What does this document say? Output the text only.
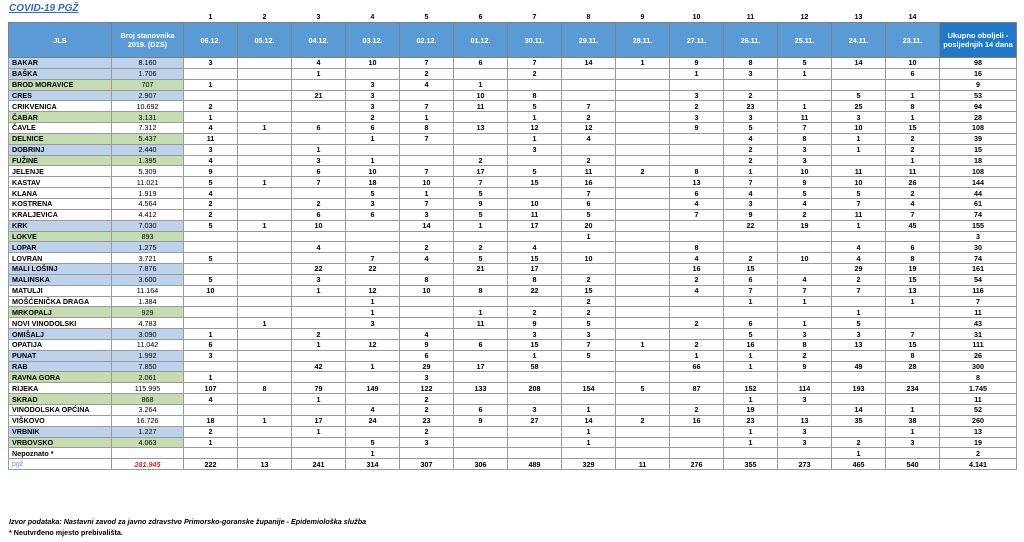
COVID-19 PGŽ
		1	2	3	4	5	6	7	8	9	10	11	12	13	14	
JLS	Broj stanovnika 2019. (DZS)	06.12.	05.12.	04.12.	03.12.	02.12.	01.12.	30.11.	29.11.	28.11.	27.11.	26.11.	25.11.	24.11.	23.11.	Ukupno oboljeli - posljednjih 14 dana
BAKAR	8.160	3		4	10	7	6	7	14	1	9	8	5	14	10	98
BAŠKA	1.706			1		2		2			1	3	1		6	16
BROD MORAVICE	707	1			3	4	1									9
CRES	2.907			21	3		10	8			3	2		5	1	53
CRIKVENICA	10.692	2			3	7	11	5	7		2	23	1	25	8	94
ČABAR	3.131	1			2	1		1	2		3	3	11	3	1	28
ČAVLE	7.312	4	1	6	6	8	13	12	12		9	5	7	10	15	108
DELNICE	5.437	11			1	7		1	4			4	8	1	2	39
DOBRINJ	2.440	3		1				3				2	3	1	2	15
FUŽINE	1.395	4		3	1		2		2			2	3		1	18
JELENJE	5.309	9		6	10	7	17	5	11	2	8	1	10	11	11	108
KASTAV	11.021	5	1	7	18	10	7	15	16		13	7	9	10	26	144
KLANA	1.919	4			5	1	5		7		6	4	5	5	2	44
KOSTRENA	4.564	2		2	3	7	9	10	6		4	3	4	7	4	61
KRALJEVICA	4.412	2		6	6	3	5	11	5		7	9	2	11	7	74
KRK	7.030	5	1	10		14	1	17	20			22	19	1	45	155
LOKVE	893								1							3
LOPAR	1.275			4		2	2	4			8			4	6	30
LOVRAN	3.721	5			7	4	5	15	10		4	2	10	4	8	74
MALI LOŠINJ	7.876			22	22		21	17			16	15		29	19	161
MALINSKA	3.600	5		3		8		8	2		2	6	4	2	15	54
MATULJI	11.164	10		1	12	10	8	22	15		4	7	7	7	13	116
MOŠĆENIČKA DRAGA	1.384				1				2			1	1		1	7
MRKOPALJ	929				1		1	2	2					1		11
NOVI VINODOLSKI	4.783		1		3		11	9	5		2	6	1	5		43
OMIŠALJ	3.090	1		2		4		3	3			5	3	3	7	31
OPATIJA	11.042	6		1	12	9	6	15	7	1	2	16	8	13	15	111
PUNAT	1.992	3				6		1	5		1	1	2		8	26
RAB	7.850			42	1	29	17	58			66	1	9	49	28	300
RAVNA GORA	2.061	1				3										8
RIJEKA	115.995	107	8	79	149	122	133	208	154	5	87	152	114	193	234	1.745
SKRAD	868	4		1		2						1	3			11
VINODOLSKA OPĆINA	3.264				4	2	6	3	1		2	19		14	1	52
VIŠKOVO	16.726	18	1	17	24	23	9	27	14	2	16	23	13	35	38	260
VRBNIK	1.227	2		1		2			1			1	3		1	13
VRBOVSKO	4.063	1			5	3			1			1	3	2	3	19
Nepoznato *					1									1		2
pgž	281.945	222	13	241	314	307	306	489	329	11	276	355	273	465	540	4.141
Izvor podataka: Nastavni zavod za javno zdravstvo Primorsko-goranske županije - Epidemiološka služba
* Neutvrđeno mjesto prebivališta.
